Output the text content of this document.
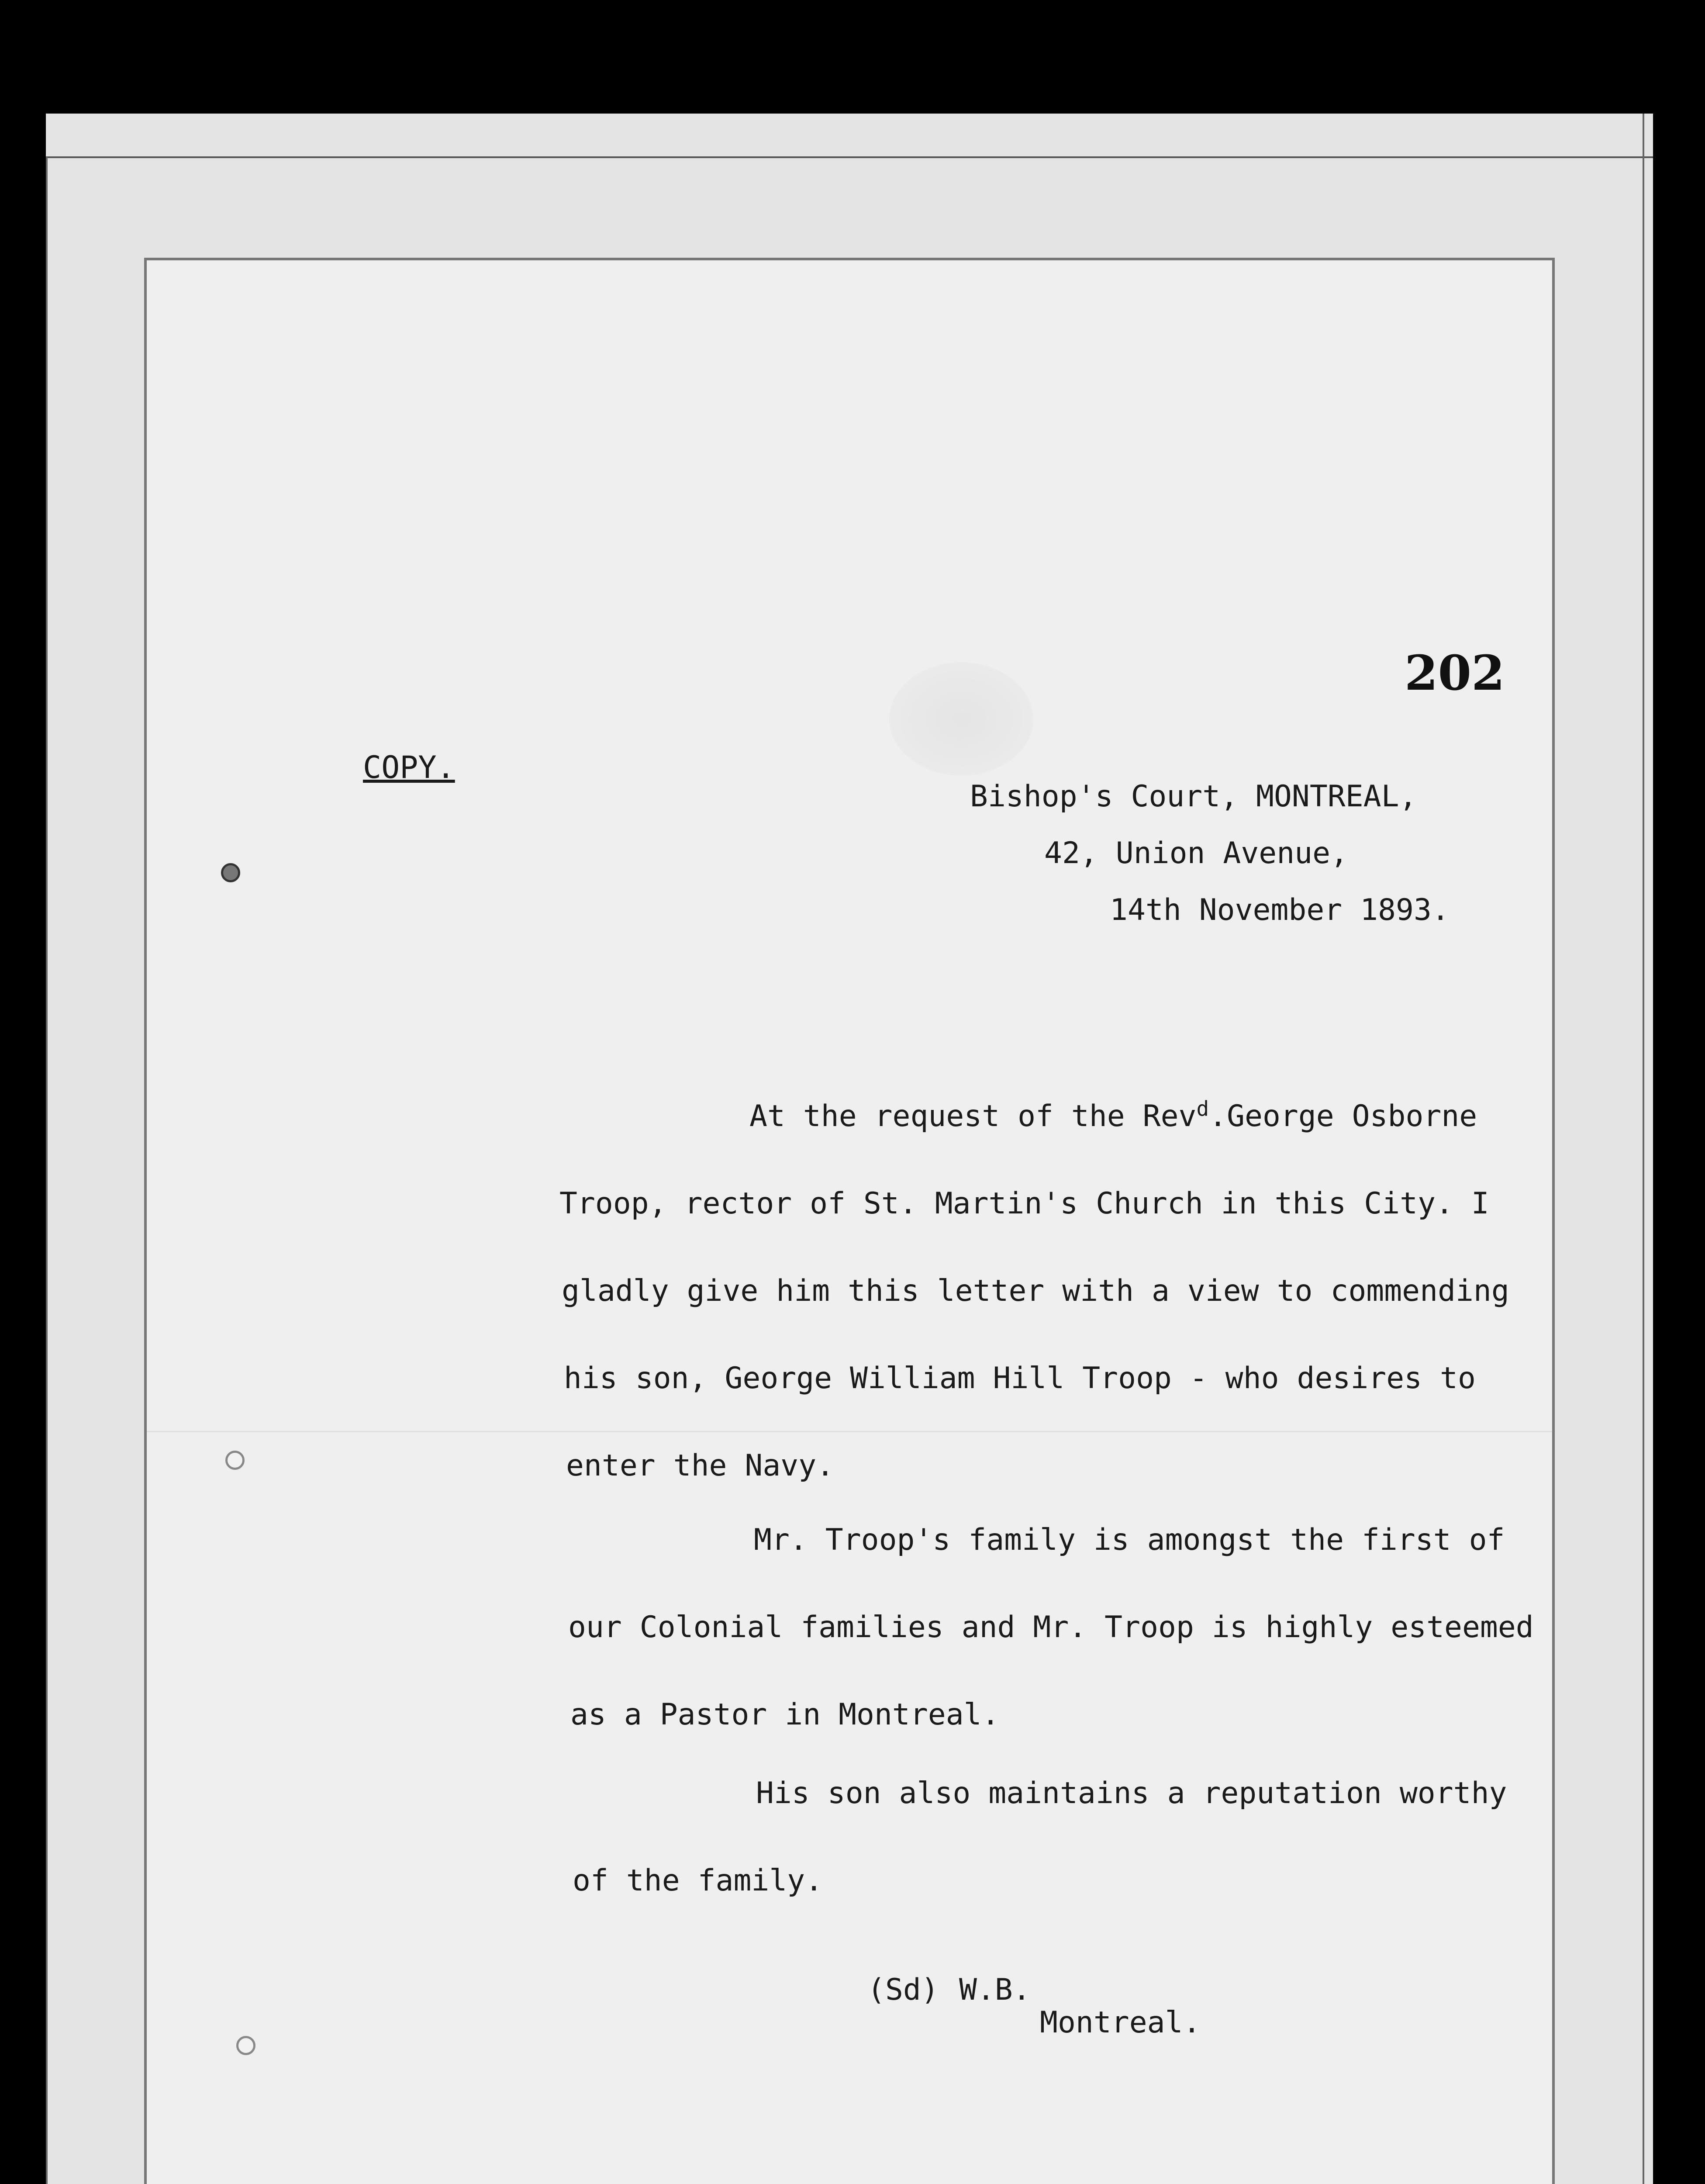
202
COPY.
Bishop's Court, MONTREAL,
42, Union Avenue,
14th November 1893.
At the request of the Rev$^d$.George Osborne
Troop, rector of St. Martin's Church in this City. I
gladly give him this letter with a view to commending
his son, George William Hill Troop - who desires to
enter the Navy.
Mr. Troop's family is amongst the first of
our Colonial families and Mr. Troop is highly esteemed
as a Pastor in Montreal.
His son also maintains a reputation worthy
of the family.
(Sd) W.B.
Montreal.
